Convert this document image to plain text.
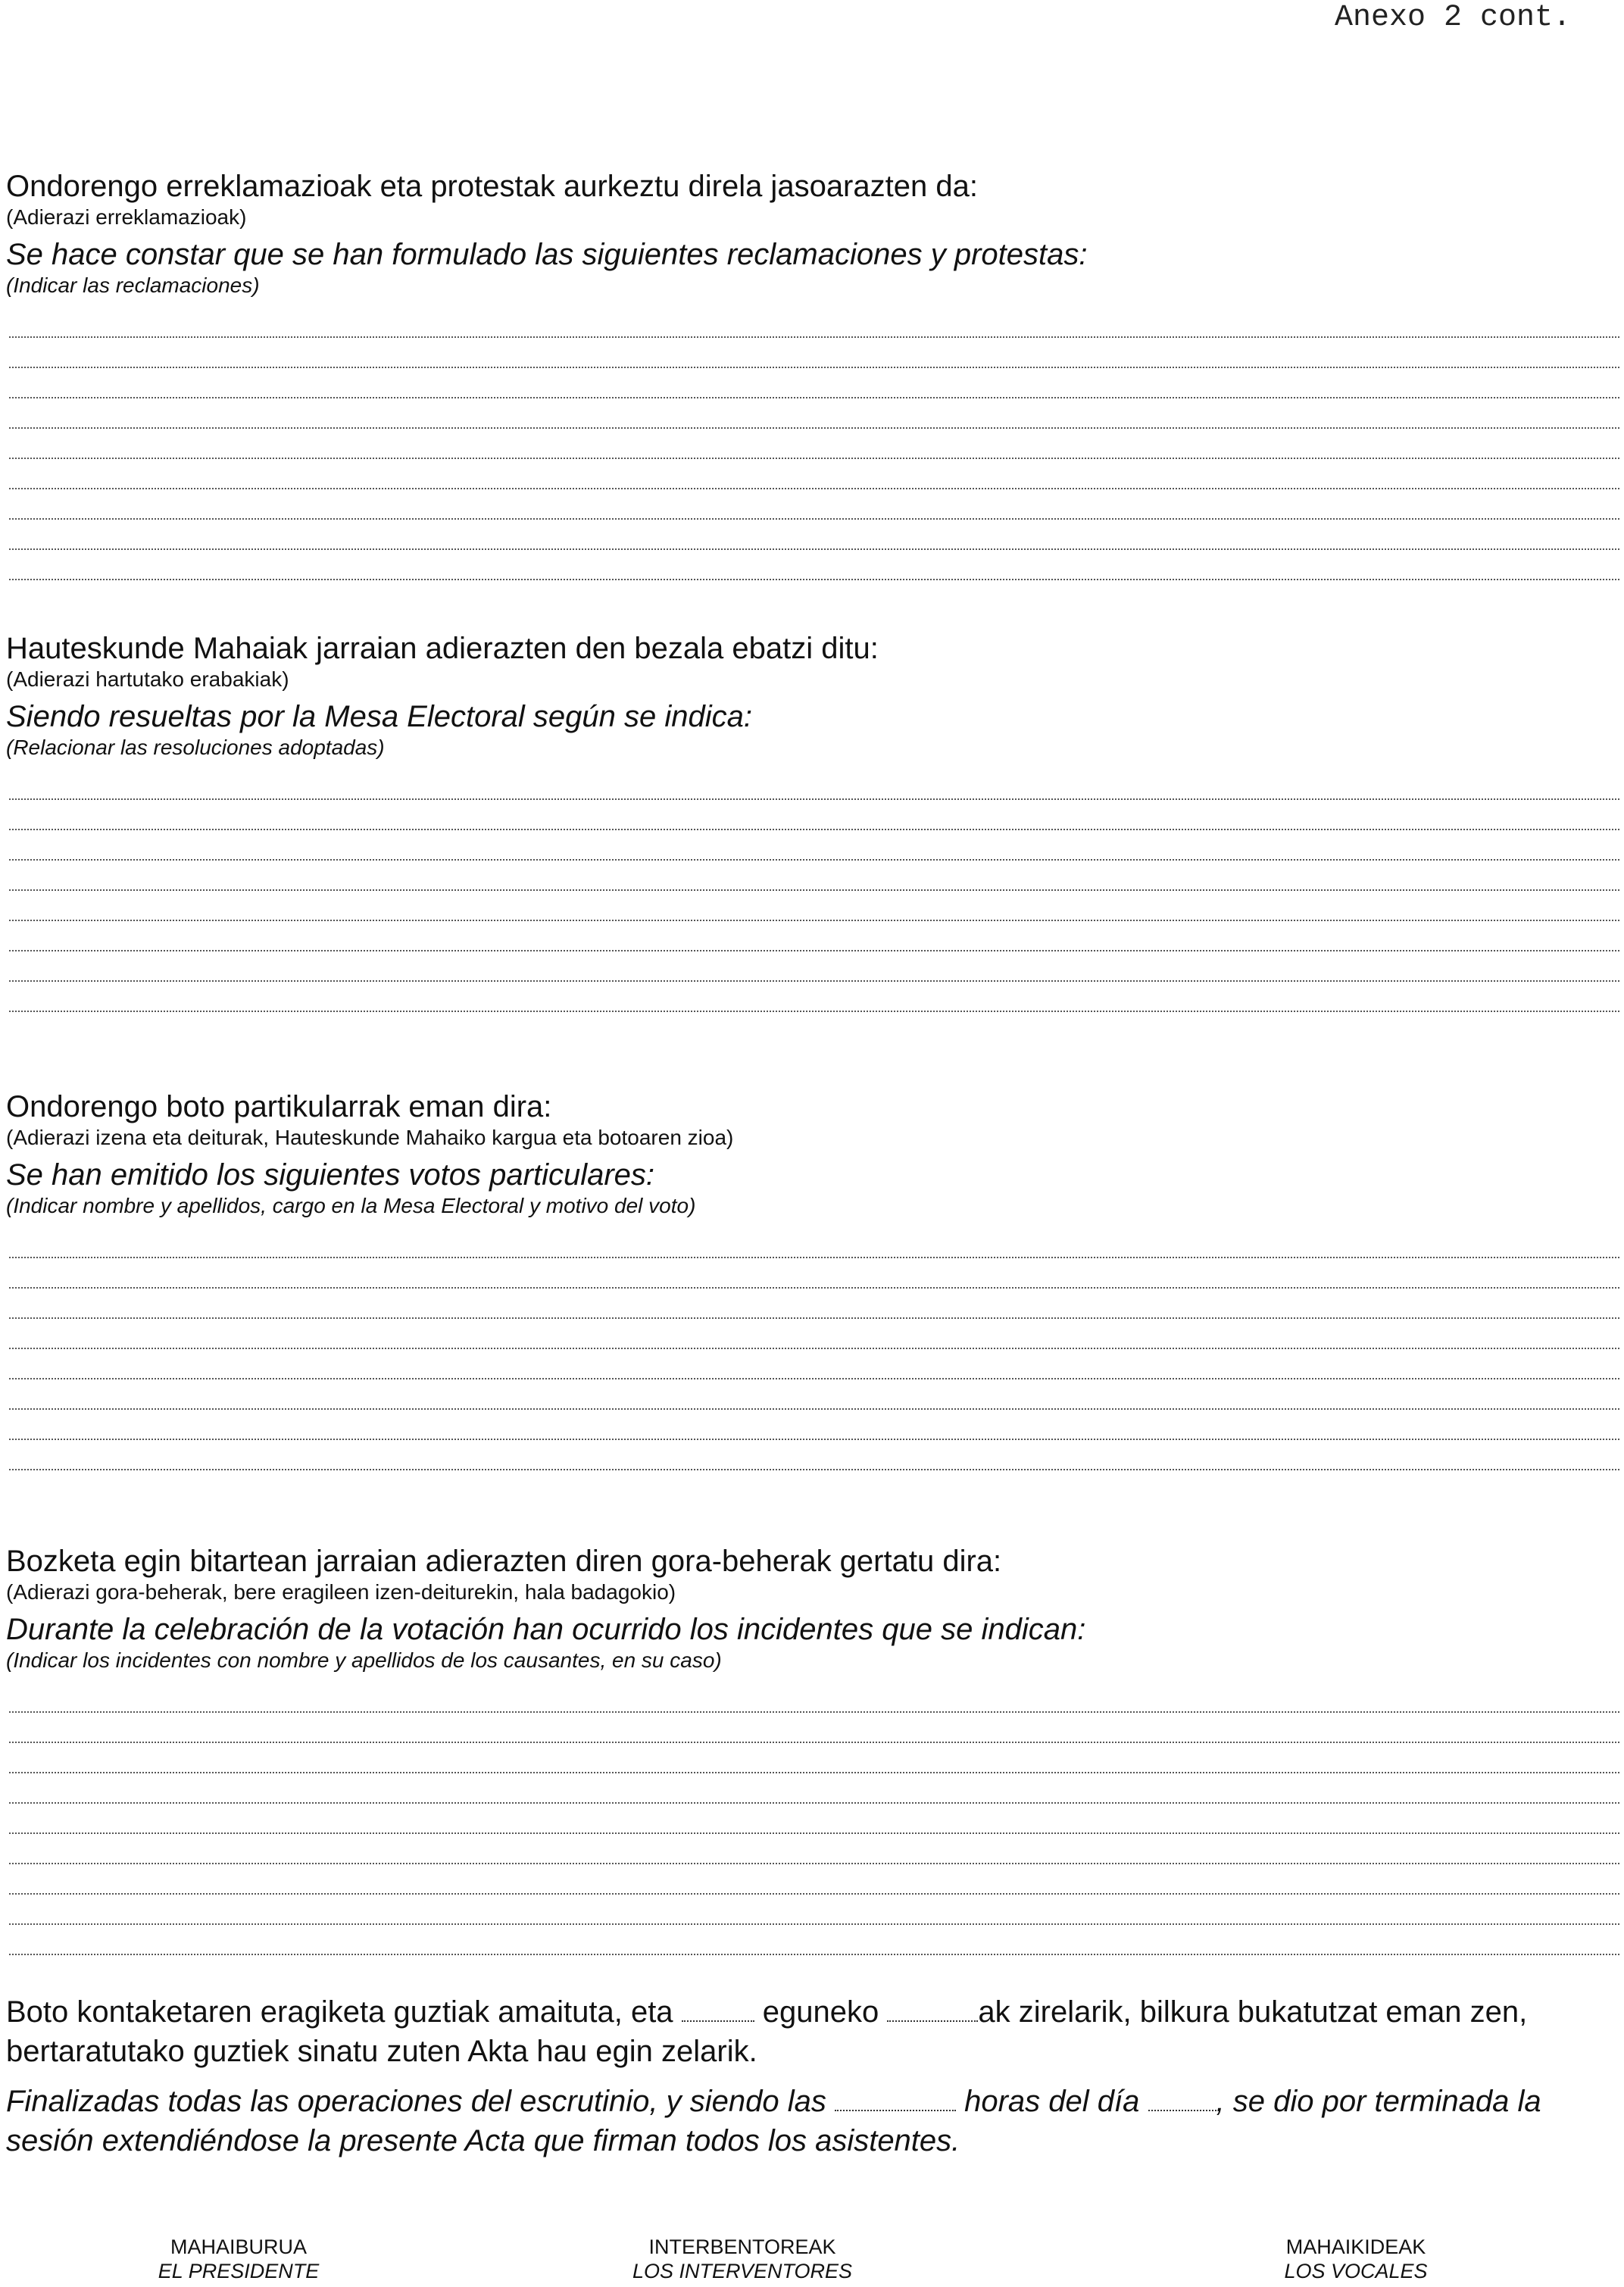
Anexo 2 cont.
Ondorengo erreklamazioak eta protestak aurkeztu direla jasoarazten da:
(Adierazi erreklamazioak)
Se hace constar que se han formulado las siguientes reclamaciones y protestas:
(Indicar las reclamaciones)
Hauteskunde Mahaiak jarraian adierazten den bezala ebatzi ditu:
(Adierazi hartutako erabakiak)
Siendo resueltas por la Mesa Electoral según se indica:
(Relacionar las resoluciones adoptadas)
Ondorengo boto partikularrak eman dira:
(Adierazi izena eta deiturak, Hauteskunde Mahaiko kargua eta botoaren zioa)
Se han emitido los siguientes votos particulares:
(Indicar nombre y apellidos, cargo en la Mesa Electoral y motivo del voto)
Bozketa egin bitartean jarraian adierazten diren gora-beherak gertatu dira:
(Adierazi gora-beherak, bere eragileen izen-deiturekin, hala badagokio)
Durante la celebración de la votación han ocurrido los incidentes que se indican:
(Indicar los incidentes con nombre y apellidos de los causantes, en su caso)
Boto kontaketaren eragiketa guztiak amaituta, eta	eguneko	ak zirelarik, bilkura bukatutzat eman zen, bertaratutako guztiek sinatu zuten Akta hau egin zelarik.
Finalizadas todas las operaciones del escrutinio, y siendo las	horas del día	, se dio por terminada la sesión extendiéndose la presente Acta que firman todos los asistentes.
MAHAIBURUA
EL PRESIDENTE
INTERBENTOREAK
LOS INTERVENTORES
MAHAIKIDEAK
LOS VOCALES
